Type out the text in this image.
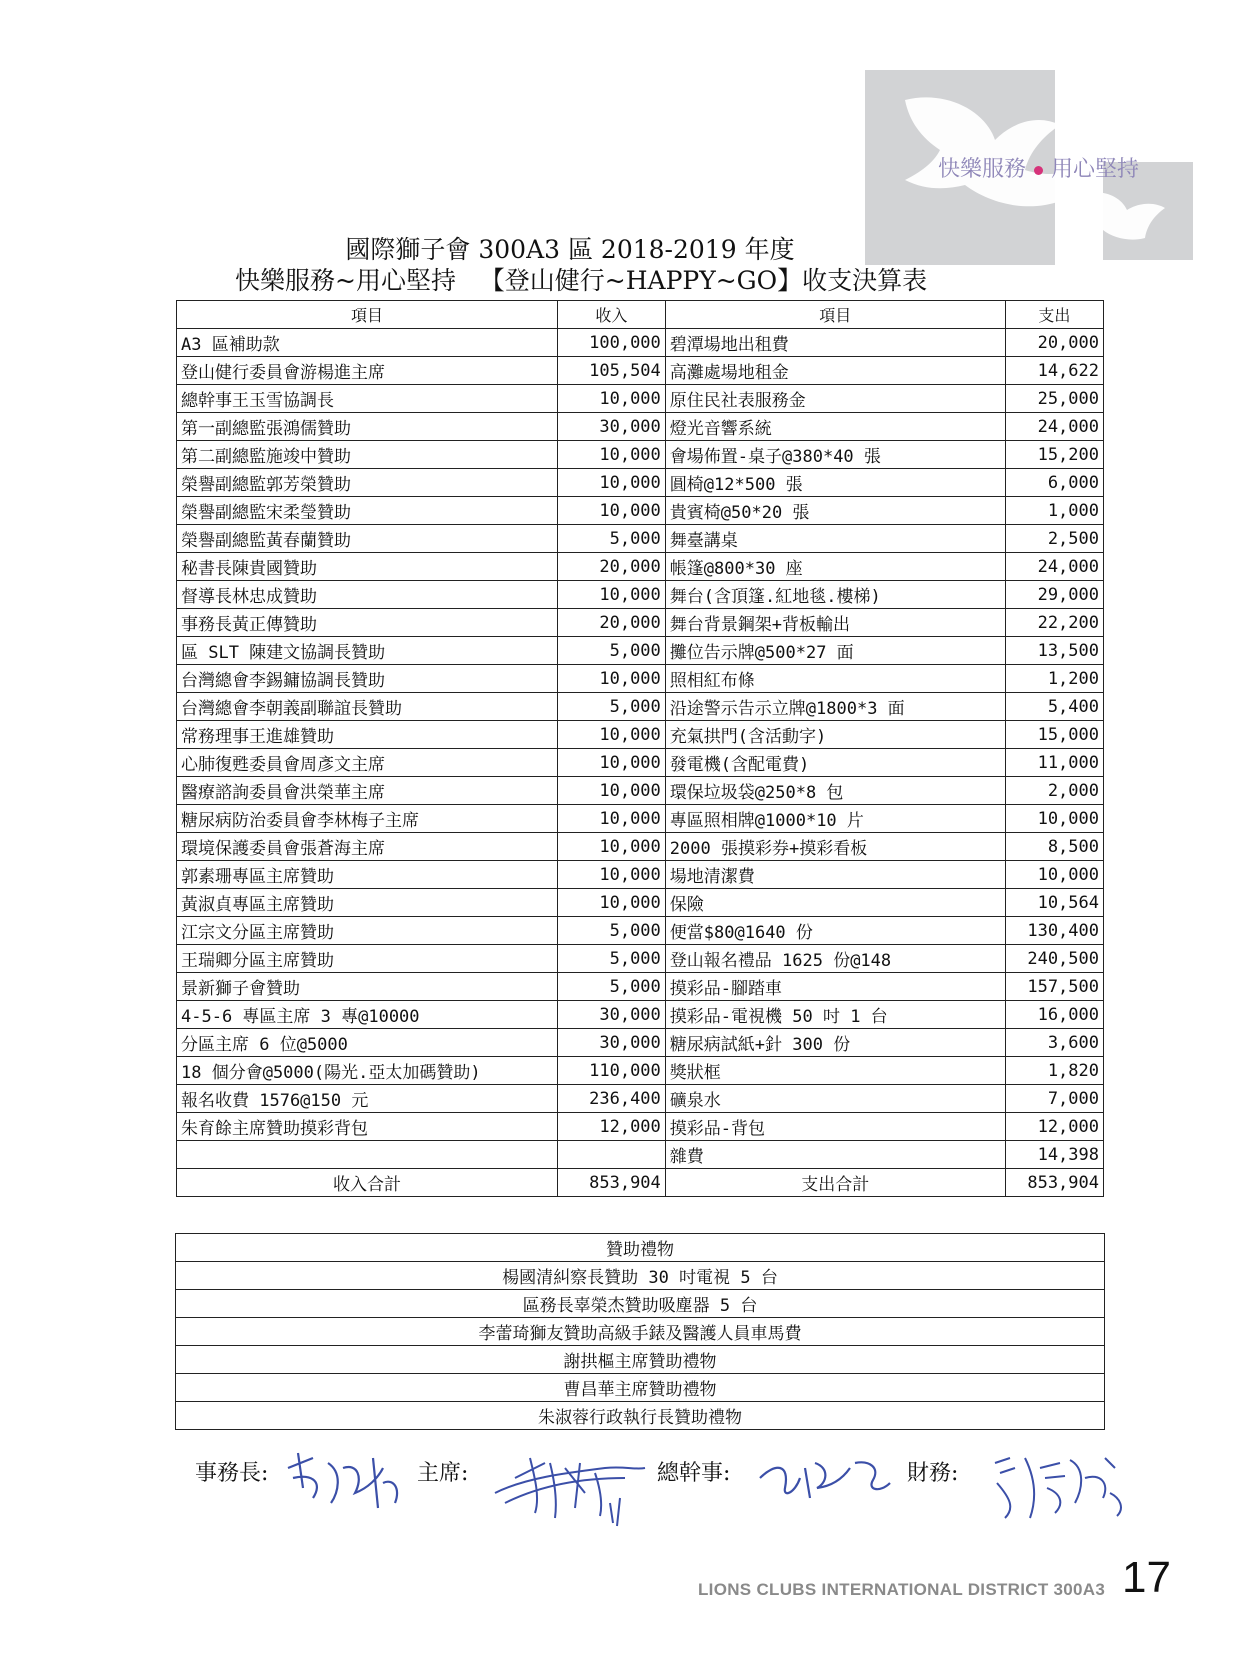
快樂服務 用心堅持
國際獅子會 300A3 區 2018-2019 年度
快樂服務~用心堅持   【登山健行~HAPPY~GO】收支決算表
項目	收入	項目	支出
A3 區補助款	100,000	碧潭場地出租費	20,000
登山健行委員會游楊進主席	105,504	高灘處場地租金	14,622
總幹事王玉雪協調長	10,000	原住民社表服務金	25,000
第一副總監張鴻儒贊助	30,000	燈光音響系統	24,000
第二副總監施竣中贊助	10,000	會場佈置-桌子@380*40 張	15,200
榮譽副總監郭芳榮贊助	10,000	圓椅@12*500 張	6,000
榮譽副總監宋柔瑩贊助	10,000	貴賓椅@50*20 張	1,000
榮譽副總監黃春蘭贊助	5,000	舞臺講桌	2,500
秘書長陳貴國贊助	20,000	帳篷@800*30 座	24,000
督導長林忠成贊助	10,000	舞台(含頂篷.紅地毯.樓梯)	29,000
事務長黃正傳贊助	20,000	舞台背景鋼架+背板輸出	22,200
區 SLT 陳建文協調長贊助	5,000	攤位告示牌@500*27 面	13,500
台灣總會李錫鏞協調長贊助	10,000	照相紅布條	1,200
台灣總會李朝義副聯誼長贊助	5,000	沿途警示告示立牌@1800*3 面	5,400
常務理事王進雄贊助	10,000	充氣拱門(含活動字)	15,000
心肺復甦委員會周彥文主席	10,000	發電機(含配電費)	11,000
醫療諮詢委員會洪榮華主席	10,000	環保垃圾袋@250*8 包	2,000
糖尿病防治委員會李林梅子主席	10,000	專區照相牌@1000*10 片	10,000
環境保護委員會張蒼海主席	10,000	2000 張摸彩券+摸彩看板	8,500
郭素珊專區主席贊助	10,000	場地清潔費	10,000
黃淑貞專區主席贊助	10,000	保險	10,564
江宗文分區主席贊助	5,000	便當$80@1640 份	130,400
王瑞卿分區主席贊助	5,000	登山報名禮品 1625 份@148	240,500
景新獅子會贊助	5,000	摸彩品-腳踏車	157,500
4-5-6 專區主席 3 專@10000	30,000	摸彩品-電視機 50 吋 1 台	16,000
分區主席 6 位@5000	30,000	糖尿病試紙+針 300 份	3,600
18 個分會@5000(陽光.亞太加碼贊助)	110,000	獎狀框	1,820
報名收費 1576@150 元	236,400	礦泉水	7,000
朱育餘主席贊助摸彩背包	12,000	摸彩品-背包	12,000
		雜費	14,398
收入合計	853,904	支出合計	853,904
贊助禮物
楊國清糾察長贊助 30 吋電視 5 台
區務長辜榮杰贊助吸塵器 5 台
李蕾琦獅友贊助高級手錶及醫護人員車馬費
謝拱樞主席贊助禮物
曹昌華主席贊助禮物
朱淑蓉行政執行長贊助禮物
事務長:	主席:	總幹事:	財務:
LIONS CLUBS INTERNATIONAL DISTRICT 300A3 17
